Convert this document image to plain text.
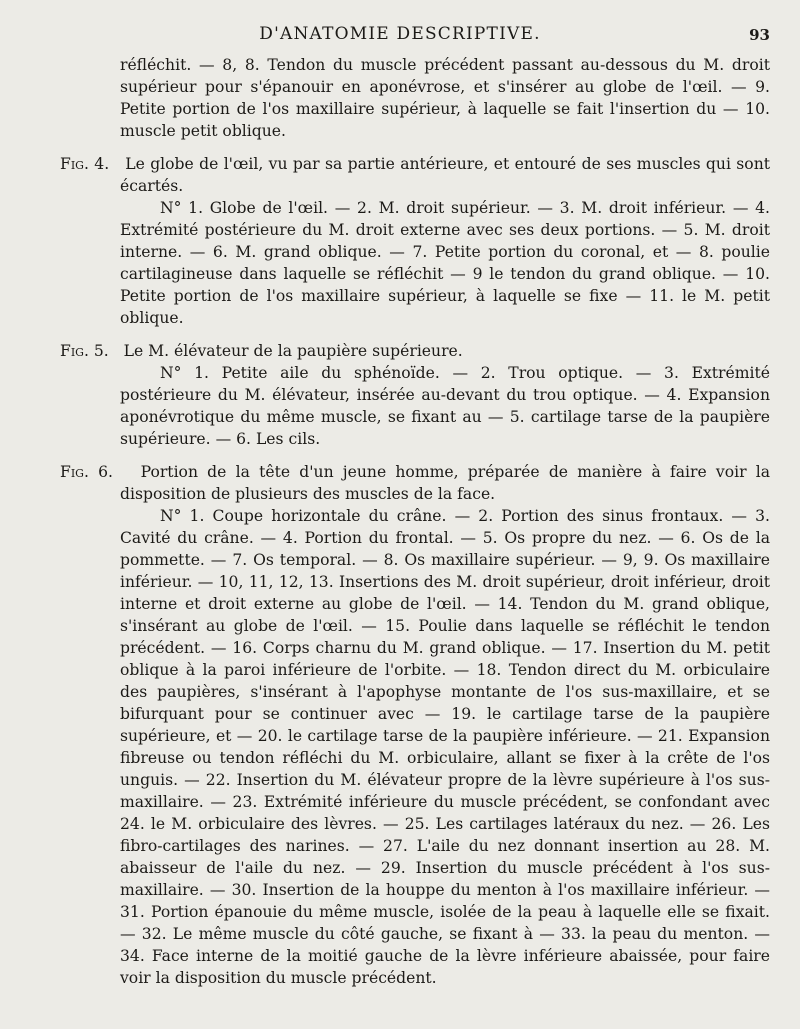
D'ANATOMIE DESCRIPTIVE.	93

réfléchit. — 8, 8. Tendon du muscle précédent passant au-dessous du M. droit supérieur pour s'épanouir en aponévrose, et s'insérer au globe de l'œil. — 9. Petite portion de l'os maxillaire supérieur, à laquelle se fait l'insertion du — 10. muscle petit oblique.

Fig. 4. Le globe de l'œil, vu par sa partie antérieure, et entouré de ses muscles qui sont écartés.

N° 1. Globe de l'œil. — 2. M. droit supérieur. — 3. M. droit inférieur. — 4. Extrémité postérieure du M. droit externe avec ses deux portions. — 5. M. droit interne. — 6. M. grand oblique. — 7. Petite portion du coronal, et — 8. poulie cartilagineuse dans laquelle se réfléchit — 9 le tendon du grand oblique. — 10. Petite portion de l'os maxillaire supérieur, à laquelle se fixe — 11. le M. petit oblique.

Fig. 5. Le M. élévateur de la paupière supérieure.

N° 1. Petite aile du sphénoïde. — 2. Trou optique. — 3. Extrémité postérieure du M. élévateur, insérée au-devant du trou optique. — 4. Expansion aponévrotique du même muscle, se fixant au — 5. cartilage tarse de la paupière supérieure. — 6. Les cils.

Fig. 6. Portion de la tête d'un jeune homme, préparée de manière à faire voir la disposition de plusieurs des muscles de la face.

N° 1. Coupe horizontale du crâne. — 2. Portion des sinus frontaux. — 3. Cavité du crâne. — 4. Portion du frontal. — 5. Os propre du nez. — 6. Os de la pommette. — 7. Os temporal. — 8. Os maxillaire supérieur. — 9, 9. Os maxillaire inférieur. — 10, 11, 12, 13. Insertions des M. droit supérieur, droit inférieur, droit interne et droit externe au globe de l'œil. — 14. Tendon du M. grand oblique, s'insérant au globe de l'œil. — 15. Poulie dans laquelle se réfléchit le tendon précédent. — 16. Corps charnu du M. grand oblique. — 17. Insertion du M. petit oblique à la paroi inférieure de l'orbite. — 18. Tendon direct du M. orbiculaire des paupières, s'insérant à l'apophyse montante de l'os sus-maxillaire, et se bifurquant pour se continuer avec — 19. le cartilage tarse de la paupière supérieure, et — 20. le cartilage tarse de la paupière inférieure. — 21. Expansion fibreuse ou tendon réfléchi du M. orbiculaire, allant se fixer à la crête de l'os unguis. — 22. Insertion du M. élévateur propre de la lèvre supérieure à l'os sus-maxillaire. — 23. Extrémité inférieure du muscle précédent, se confondant avec 24. le M. orbiculaire des lèvres. — 25. Les cartilages latéraux du nez. — 26. Les fibro-cartilages des narines. — 27. L'aile du nez donnant insertion au 28. M. abaisseur de l'aile du nez. — 29. Insertion du muscle précédent à l'os sus-maxillaire. — 30. Insertion de la houppe du menton à l'os maxillaire inférieur. — 31. Portion épanouie du même muscle, isolée de la peau à laquelle elle se fixait. — 32. Le même muscle du côté gauche, se fixant à — 33. la peau du menton. — 34. Face interne de la moitié gauche de la lèvre inférieure abaissée, pour faire voir la disposition du muscle précédent.
